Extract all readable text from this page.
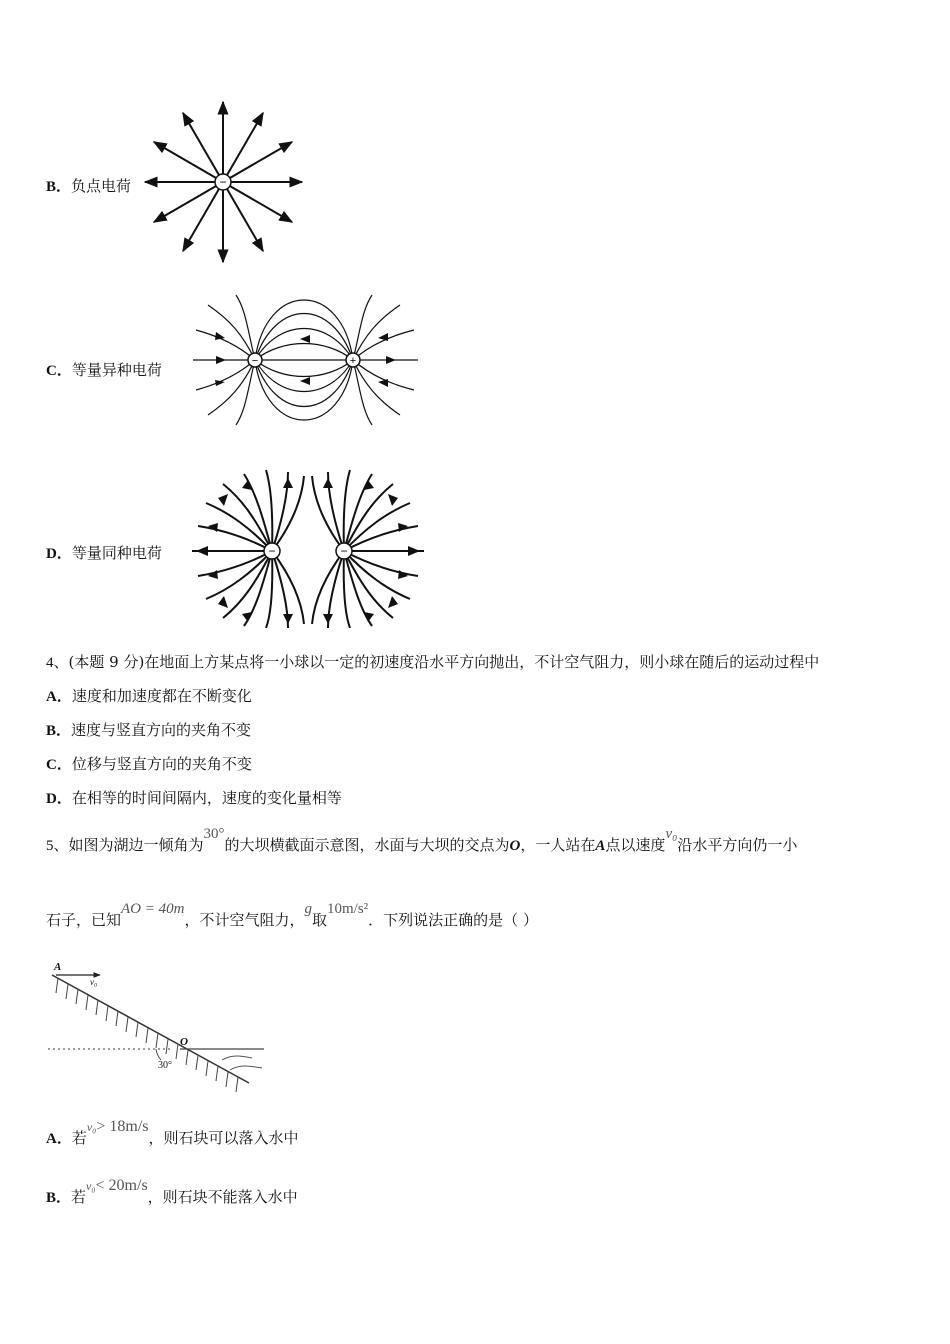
B．负点电荷	−
C．等量异种电荷	−	+
D．等量同种电荷	−	−
4、(本题 9 分)在地面上方某点将一小球以一定的初速度沿水平方向抛出，不计空气阻力，则小球在随后的运动过程中
A．速度和加速度都在不断变化
B．速度与竖直方向的夹角不变
C．位移与竖直方向的夹角不变
D．在相等的时间间隔内，速度的变化量相等
5、如图为湖边一倾角为30°的大坝横截面示意图，水面与大坝的交点为O，一人站在A点以速度v₀沿水平方向仍一小
石子，已知AO = 40m，不计空气阻力，g取10m/s²．下列说法正确的是（ ）
A
v₀
O
30°
A．若v₀> 18m/s，则石块可以落入水中
B．若v₀< 20m/s，则石块不能落入水中
